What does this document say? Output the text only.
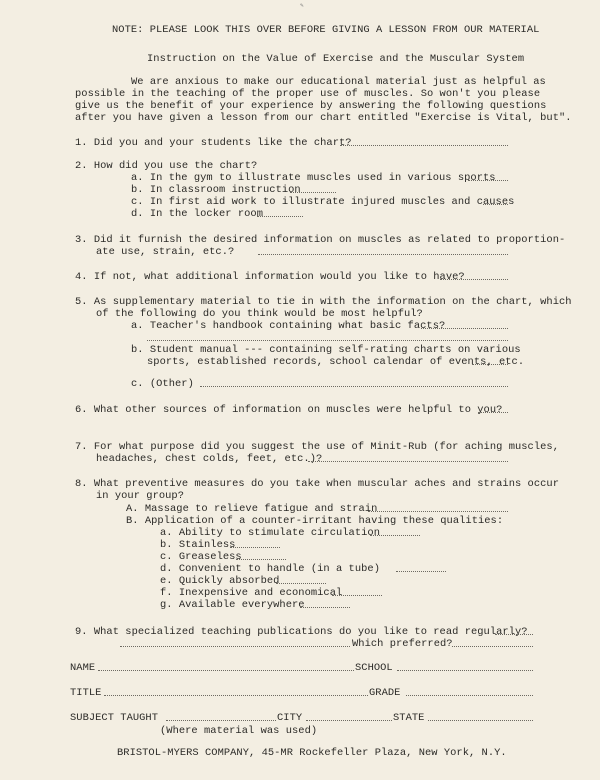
✎
NOTE: PLEASE LOOK THIS OVER BEFORE GIVING A LESSON FROM OUR MATERIAL
Instruction on the Value of Exercise and the Muscular System
We are anxious to make our educational material just as helpful as
possible in the teaching of the proper use of muscles. So won't you please
give us the benefit of your experience by answering the following questions
after you have given a lesson from our chart entitled "Exercise is Vital, but".
1. Did you and your students like the chart?
2. How did you use the chart?
a. In the gym to illustrate muscles used in various sports
b. In classroom instruction
c. In first aid work to illustrate injured muscles and causes
d. In the locker room
3. Did it furnish the desired information on muscles as related to proportion-
ate use, strain, etc.?
4. If not, what additional information would you like to have?
5. As supplementary material to tie in with the information on the chart, which
of the following do you think would be most helpful?
a. Teacher's handbook containing what basic facts?
b. Student manual --- containing self-rating charts on various
sports, established records, school calendar of events, etc.
c. (Other)
6. What other sources of information on muscles were helpful to you?
7. For what purpose did you suggest the use of Minit-Rub (for aching muscles,
headaches, chest colds, feet, etc.)?
8. What preventive measures do you take when muscular aches and strains occur
in your group?
A. Massage to relieve fatigue and strain
B. Application of a counter-irritant having these qualities:
a. Ability to stimulate circulation
b. Stainless
c. Greaseless
d. Convenient to handle (in a tube)
e. Quickly absorbed
f. Inexpensive and economical
g. Available everywhere
9. What specialized teaching publications do you like to read regularly?
Which preferred?
NAME	SCHOOL
TITLE	GRADE
SUBJECT TAUGHT	CITY	STATE
(Where material was used)
BRISTOL-MYERS COMPANY, 45-MR Rockefeller Plaza, New York, N.Y.
